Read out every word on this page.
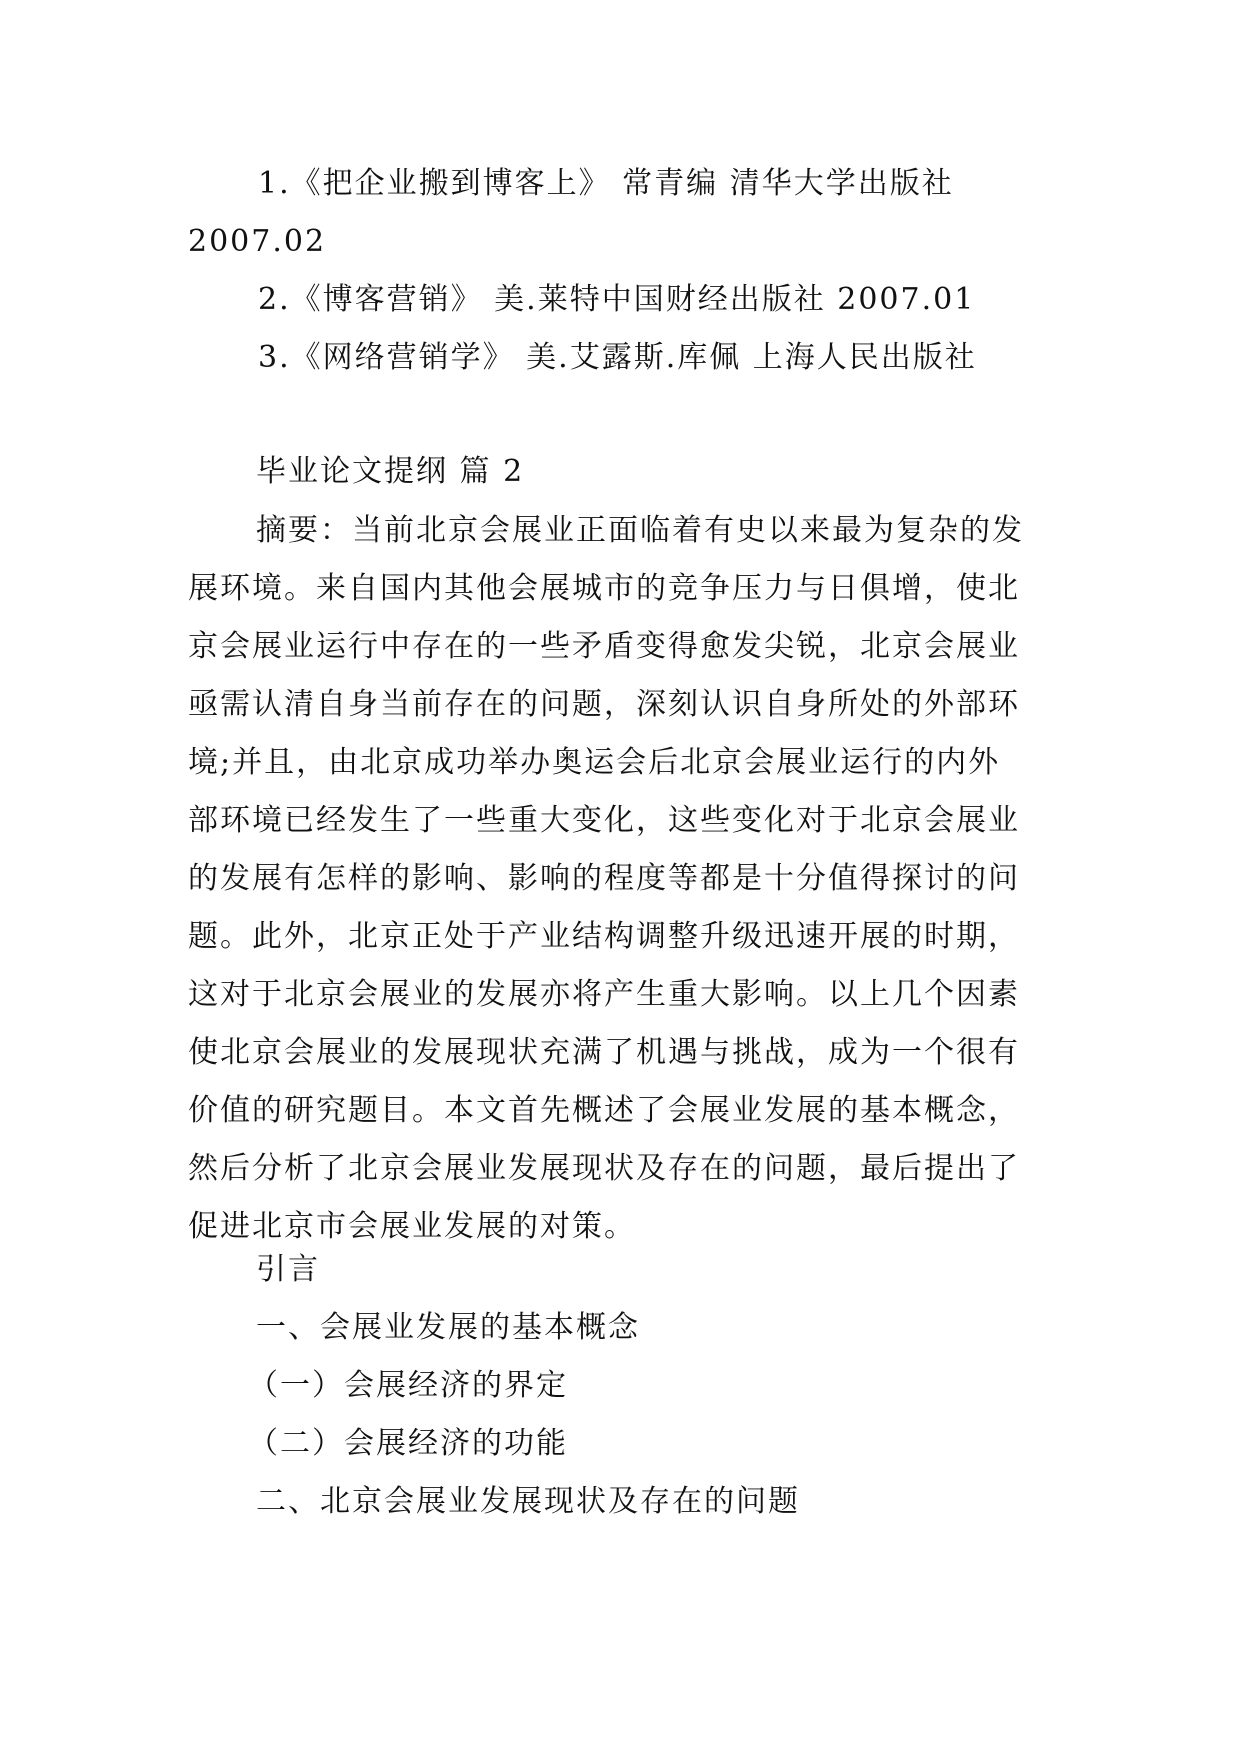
1.《把企业搬到博客上》 常青编 清华大学出版社
2007.02
2.《博客营销》 美.莱特中国财经出版社 2007.01
3.《网络营销学》 美.艾露斯.库佩 上海人民出版社
毕业论文提纲 篇 2
摘要：当前北京会展业正面临着有史以来最为复杂的发
展环境。来自国内其他会展城市的竞争压力与日俱增，使北
京会展业运行中存在的一些矛盾变得愈发尖锐，北京会展业
亟需认清自身当前存在的问题，深刻认识自身所处的外部环
境;并且，由北京成功举办奥运会后北京会展业运行的内外
部环境已经发生了一些重大变化，这些变化对于北京会展业
的发展有怎样的影响、影响的程度等都是十分值得探讨的问
题。此外，北京正处于产业结构调整升级迅速开展的时期，
这对于北京会展业的发展亦将产生重大影响。以上几个因素
使北京会展业的发展现状充满了机遇与挑战，成为一个很有
价值的研究题目。本文首先概述了会展业发展的基本概念，
然后分析了北京会展业发展现状及存在的问题，最后提出了
促进北京市会展业发展的对策。
引言
一、会展业发展的基本概念
（一）会展经济的界定
（二）会展经济的功能
二、北京会展业发展现状及存在的问题
